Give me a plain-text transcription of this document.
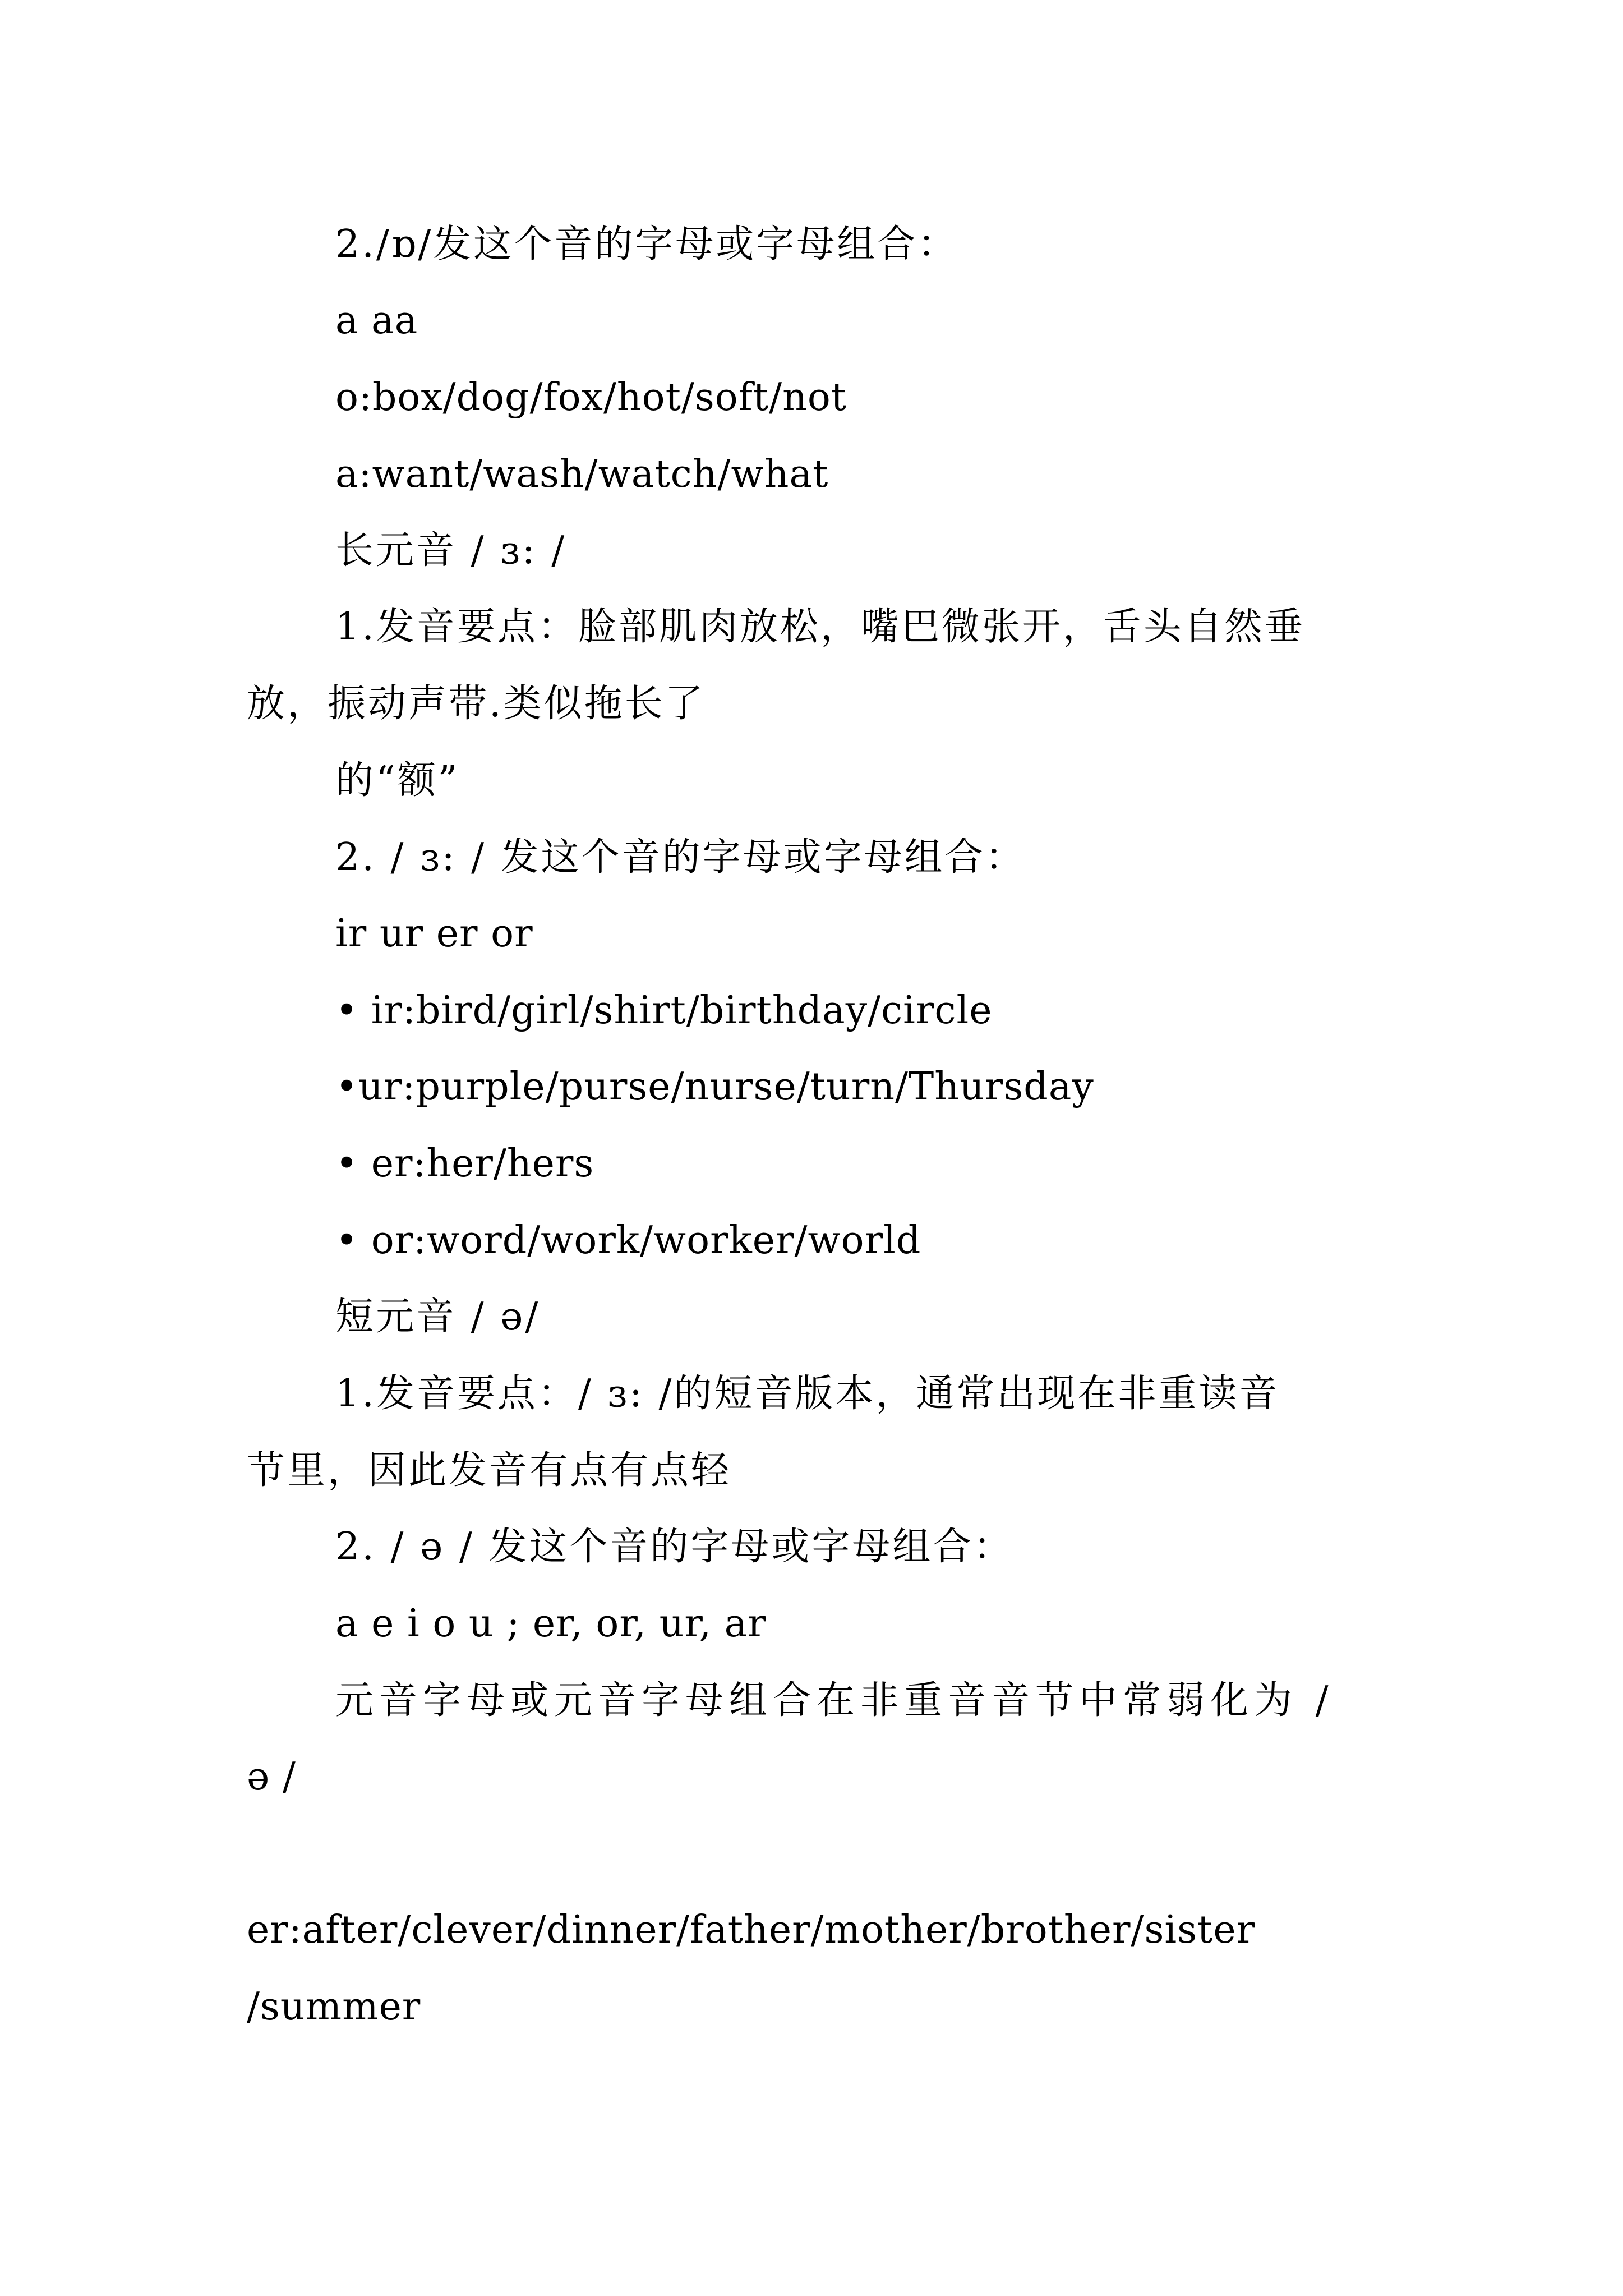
2./ɒ/发这个音的字母或字母组合：

a aa

o:box/dog/fox/hot/soft/not

a:want/wash/watch/what

长元音 / ɜ: /

1.发音要点：脸部肌肉放松，嘴巴微张开，舌头自然垂

放，振动声带.类似拖长了

的“额”

2. / ɜ: / 发这个音的字母或字母组合：

ir ur er or

• ir:bird/girl/shirt/birthday/circle

•ur:purple/purse/nurse/turn/Thursday

• er:her/hers

• or:word/work/worker/world

短元音 / ə/

1.发音要点：/ ɜ: /的短音版本，通常出现在非重读音

节里，因此发音有点有点轻

2. / ə / 发这个音的字母或字母组合：

a e i o u ; er, or, ur, ar

元音字母或元音字母组合在非重音音节中常弱化为 /

ə /

er:after/clever/dinner/father/mother/brother/sister

/summer
